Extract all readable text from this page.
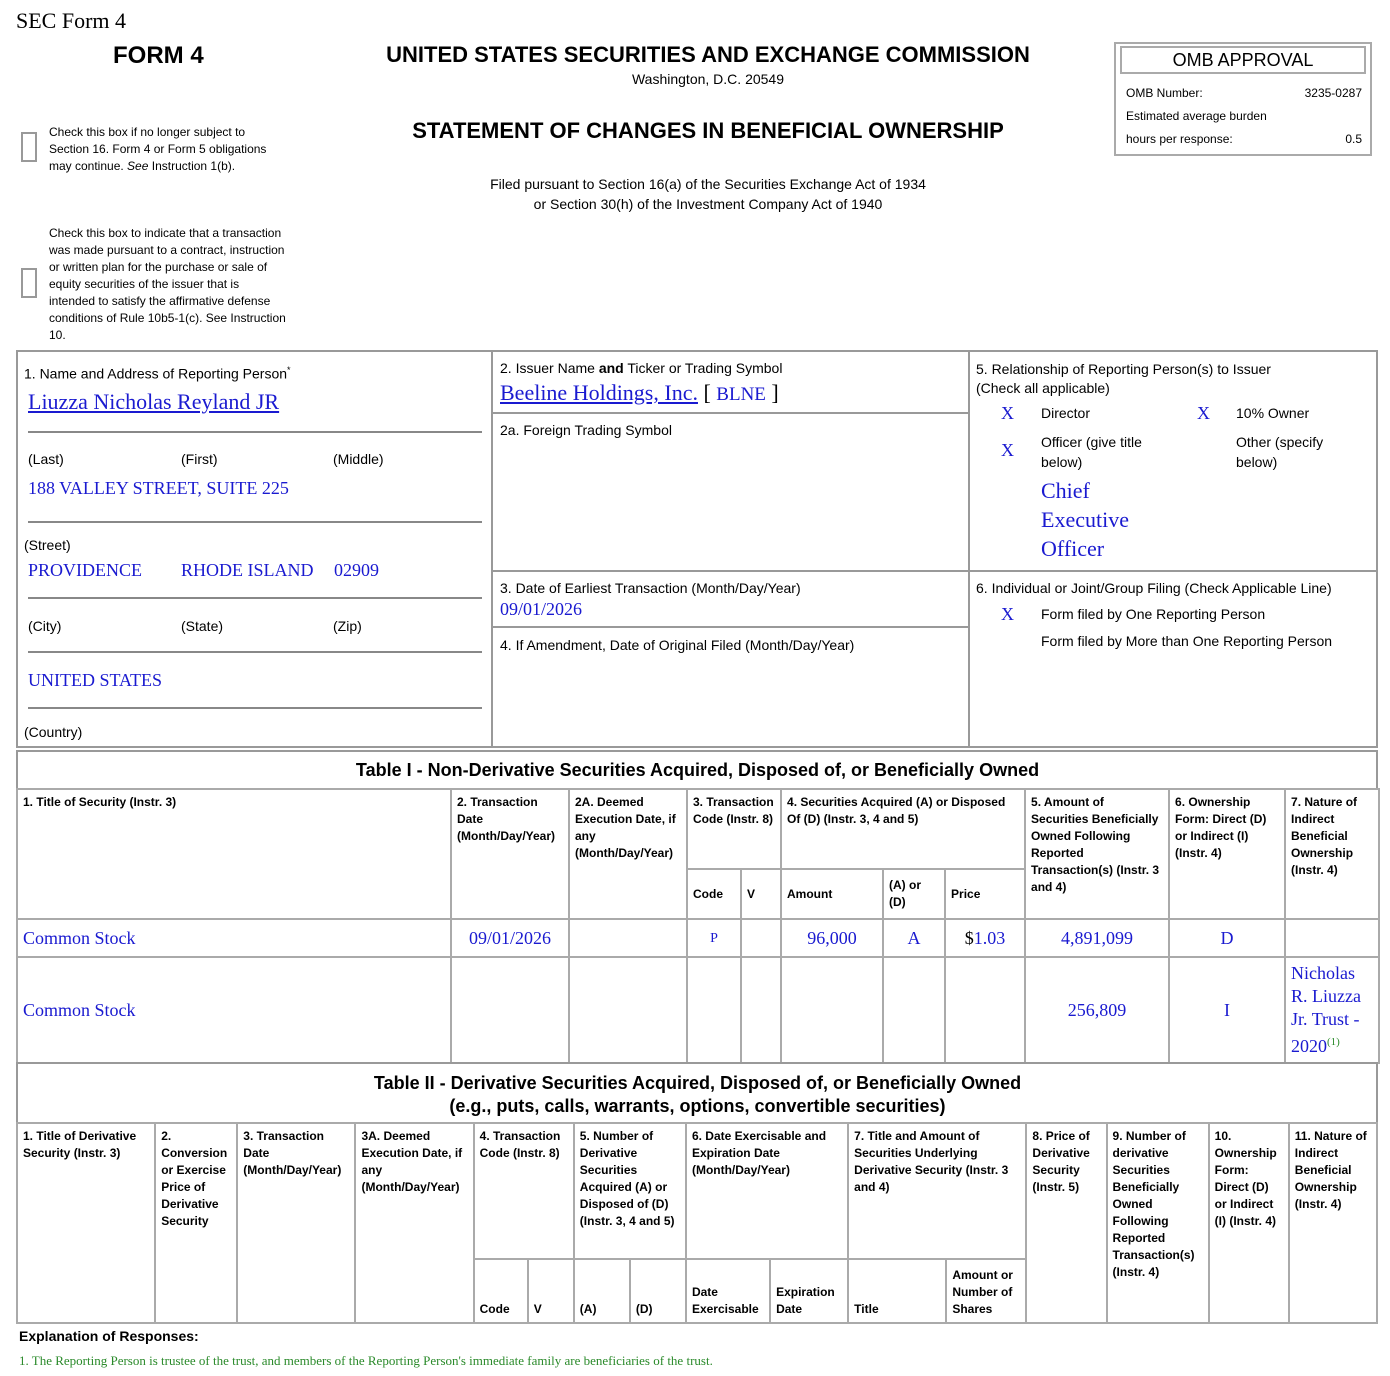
SEC Form 4
FORM 4	UNITED STATES SECURITIES AND EXCHANGE COMMISSION
Washington, D.C. 20549
STATEMENT OF CHANGES IN BENEFICIAL OWNERSHIP
Filed pursuant to Section 16(a) of the Securities Exchange Act of 1934
or Section 30(h) of the Investment Company Act of 1940
OMB APPROVAL
OMB Number:	3235-0287
Estimated average burden
hours per response:	0.5
Check this box if no longer subject to
Section 16. Form 4 or Form 5 obligations
may continue. See Instruction 1(b).
Check this box to indicate that a transaction
was made pursuant to a contract, instruction
or written plan for the purchase or sale of
equity securities of the issuer that is
intended to satisfy the affirmative defense
conditions of Rule 10b5-1(c). See Instruction
10.
1. Name and Address of Reporting Person*
Liuzza Nicholas Reyland JR
(Last)	(First)	(Middle)
188 VALLEY STREET, SUITE 225
(Street)
PROVIDENCE RHODE ISLAND 02909
(City)	(State)	(Zip)
UNITED STATES
(Country)
2. Issuer Name and Ticker or Trading Symbol
Beeline Holdings, Inc. [ BLNE ]
2a. Foreign Trading Symbol
3. Date of Earliest Transaction (Month/Day/Year)
09/01/2026
4. If Amendment, Date of Original Filed (Month/Day/Year)
5. Relationship of Reporting Person(s) to Issuer
(Check all applicable)
X Director	X 10% Owner
X Officer (give title
below)
Other (specify
below)
Chief
Executive
Officer
6. Individual or Joint/Group Filing (Check Applicable Line)
X Form filed by One Reporting Person
Form filed by More than One Reporting Person
Table I - Non-Derivative Securities Acquired, Disposed of, or Beneficially Owned
1. Title of Security (Instr. 3)	2. Transaction Date (Month/Day/Year)	2A. Deemed Execution Date, if any (Month/Day/Year)	3. Transaction Code (Instr. 8)		4. Securities Acquired (A) or Disposed Of (D) (Instr. 3, 4 and 5)			5. Amount of Securities Beneficially Owned Following Reported Transaction(s) (Instr. 3 and 4)	6. Ownership Form: Direct (D) or Indirect (I) (Instr. 4)	7. Nature of Indirect Beneficial Ownership (Instr. 4)
			Code	V	Amount	(A) or (D)	Price			
Common Stock	09/01/2026		P		96,000	A	$1.03	4,891,099	D	
Common Stock								256,809	I	Nicholas R. Liuzza Jr. Trust - 2020$^{(1)}$
Table II - Derivative Securities Acquired, Disposed of, or Beneficially Owned
(e.g., puts, calls, warrants, options, convertible securities)
1. Title of Derivative Security (Instr. 3)	2. Conversion or Exercise Price of Derivative Security	3. Transaction Date (Month/Day/Year)	3A. Deemed Execution Date, if any (Month/Day/Year)	4. Transaction Code (Instr. 8)		5. Number of Derivative Securities Acquired (A) or Disposed of (D) (Instr. 3, 4 and 5)		6. Date Exercisable and Expiration Date (Month/Day/Year)		7. Title and Amount of Securities Underlying Derivative Security (Instr. 3 and 4)		8. Price of Derivative Security (Instr. 5)	9. Number of derivative Securities Beneficially Owned Following Reported Transaction(s) (Instr. 4)	10. Ownership Form: Direct (D) or Indirect (I) (Instr. 4)	11. Nature of Indirect Beneficial Ownership (Instr. 4)
				Code	V	(A)	(D)	Date Exercisable	Expiration Date	Title	Amount or Number of Shares				
Explanation of Responses:
1. The Reporting Person is trustee of the trust, and members of the Reporting Person's immediate family are beneficiaries of the trust.
